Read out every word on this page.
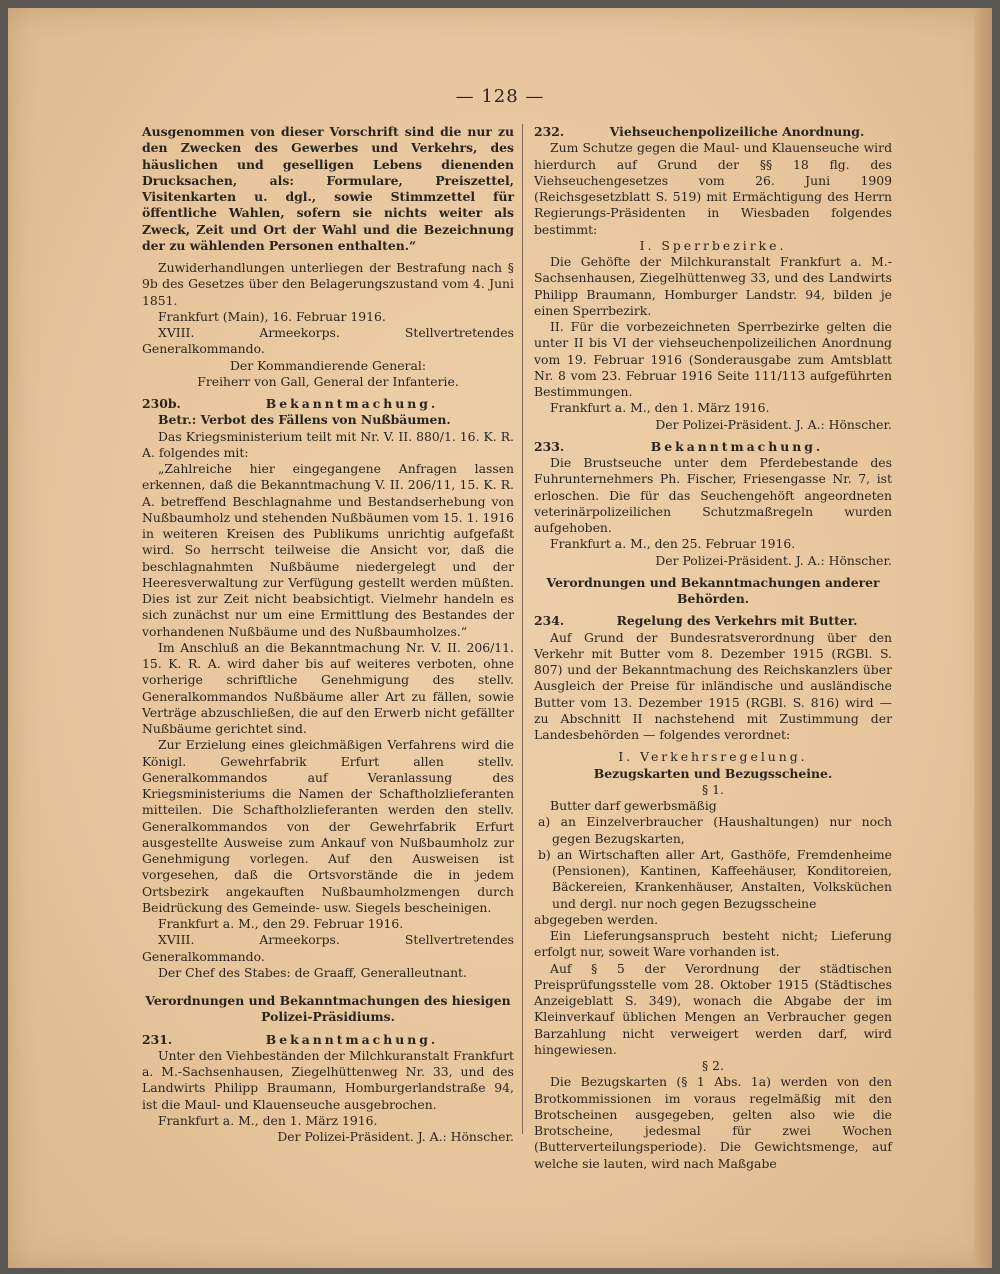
— 128 —

Ausgenommen von dieser Vorschrift sind die nur zu den Zwecken des Gewerbes und Verkehrs, des häuslichen und geselligen Lebens dienenden Drucksachen, als: Formulare, Preiszettel, Visitenkarten u. dgl., sowie Stimmzettel für öffentliche Wahlen, sofern sie nichts weiter als Zweck, Zeit und Ort der Wahl und die Bezeichnung der zu wählenden Personen enthalten.“

Zuwiderhandlungen unterliegen der Bestrafung nach § 9b des Gesetzes über den Belagerungszustand vom 4. Juni 1851.

Frankfurt (Main), 16. Februar 1916.

XVIII. Armeekorps. Stellvertretendes Generalkommando.

Der Kommandierende General:

Freiherr von Gall, General der Infanterie.

230b.	Bekanntmachung.

Betr.: Verbot des Fällens von Nußbäumen.

Das Kriegsministerium teilt mit Nr. V. II. 880/1. 16. K. R. A. folgendes mit:

„Zahlreiche hier eingegangene Anfragen lassen erkennen, daß die Bekanntmachung V. II. 206/11, 15. K. R. A. betreffend Beschlagnahme und Bestandserhebung von Nußbaumholz und stehenden Nußbäumen vom 15. 1. 1916 in weiteren Kreisen des Publikums unrichtig aufgefaßt wird. So herrscht teilweise die Ansicht vor, daß die beschlagnahmten Nußbäume niedergelegt und der Heeresverwaltung zur Verfügung gestellt werden müßten. Dies ist zur Zeit nicht beabsichtigt. Vielmehr handeln es sich zunächst nur um eine Ermittlung des Bestandes der vorhandenen Nußbäume und des Nußbaumholzes.“

Im Anschluß an die Bekanntmachung Nr. V. II. 206/11. 15. K. R. A. wird daher bis auf weiteres verboten, ohne vorherige schriftliche Genehmigung des stellv. Generalkommandos Nußbäume aller Art zu fällen, sowie Verträge abzuschließen, die auf den Erwerb nicht gefällter Nußbäume gerichtet sind.

Zur Erzielung eines gleichmäßigen Verfahrens wird die Königl. Gewehrfabrik Erfurt allen stellv. Generalkommandos auf Veranlassung des Kriegsministeriums die Namen der Schaftholzlieferanten mitteilen. Die Schaftholzlieferanten werden den stellv. Generalkommandos von der Gewehrfabrik Erfurt ausgestellte Ausweise zum Ankauf von Nußbaumholz zur Genehmigung vorlegen. Auf den Ausweisen ist vorgesehen, daß die Ortsvorstände die in jedem Ortsbezirk angekauften Nußbaumholzmengen durch Beidrückung des Gemeinde- usw. Siegels bescheinigen.

Frankfurt a. M., den 29. Februar 1916.

XVIII. Armeekorps. Stellvertretendes Generalkommando.

Der Chef des Stabes: de Graaff, Generalleutnant.

Verordnungen und Bekanntmachungen des hiesigen Polizei-Präsidiums.

231.	Bekanntmachung.

Unter den Viehbeständen der Milchkuranstalt Frankfurt a. M.-Sachsenhausen, Ziegelhüttenweg Nr. 33, und des Landwirts Philipp Braumann, Homburgerlandstraße 94, ist die Maul- und Klauenseuche ausgebrochen.

Frankfurt a. M., den 1. März 1916.

Der Polizei-Präsident. J. A.: Hönscher.

232.	Viehseuchenpolizeiliche Anordnung.

Zum Schutze gegen die Maul- und Klauenseuche wird hierdurch auf Grund der §§ 18 flg. des Viehseuchengesetzes vom 26. Juni 1909 (Reichsgesetzblatt S. 519) mit Ermächtigung des Herrn Regierungs-Präsidenten in Wiesbaden folgendes bestimmt:

I. Sperrbezirke.

Die Gehöfte der Milchkuranstalt Frankfurt a. M.-Sachsenhausen, Ziegelhüttenweg 33, und des Landwirts Philipp Braumann, Homburger Landstr. 94, bilden je einen Sperrbezirk.

II. Für die vorbezeichneten Sperrbezirke gelten die unter II bis VI der viehseuchenpolizeilichen Anordnung vom 19. Februar 1916 (Sonderausgabe zum Amtsblatt Nr. 8 vom 23. Februar 1916 Seite 111/113 aufgeführten Bestimmungen.

Frankfurt a. M., den 1. März 1916.

Der Polizei-Präsident. J. A.: Hönscher.

233.	Bekanntmachung.

Die Brustseuche unter dem Pferdebestande des Fuhrunternehmers Ph. Fischer, Friesengasse Nr. 7, ist erloschen. Die für das Seuchengehöft angeordneten veterinärpolizeilichen Schutzmaßregeln wurden aufgehoben.

Frankfurt a. M., den 25. Februar 1916.

Der Polizei-Präsident. J. A.: Hönscher.

Verordnungen und Bekanntmachungen anderer Behörden.

234.	Regelung des Verkehrs mit Butter.

Auf Grund der Bundesratsverordnung über den Verkehr mit Butter vom 8. Dezember 1915 (RGBl. S. 807) und der Bekanntmachung des Reichskanzlers über Ausgleich der Preise für inländische und ausländische Butter vom 13. Dezember 1915 (RGBl. S. 816) wird — zu Abschnitt II nachstehend mit Zustimmung der Landesbehörden — folgendes verordnet:

I. Verkehrsregelung.

Bezugskarten und Bezugsscheine.

§ 1.

Butter darf gewerbsmäßig

a) an Einzelverbraucher (Haushaltungen) nur noch gegen Bezugskarten,

b) an Wirtschaften aller Art, Gasthöfe, Fremdenheime (Pensionen), Kantinen, Kaffeehäuser, Konditoreien, Bäckereien, Krankenhäuser, Anstalten, Volksküchen und dergl. nur noch gegen Bezugsscheine

abgegeben werden.

Ein Lieferungsanspruch besteht nicht; Lieferung erfolgt nur, soweit Ware vorhanden ist.

Auf § 5 der Verordnung der städtischen Preisprüfungsstelle vom 28. Oktober 1915 (Städtisches Anzeigeblatt S. 349), wonach die Abgabe der im Kleinverkauf üblichen Mengen an Verbraucher gegen Barzahlung nicht verweigert werden darf, wird hingewiesen.

§ 2.

Die Bezugskarten (§ 1 Abs. 1a) werden von den Brotkommissionen im voraus regelmäßig mit den Brotscheinen ausgegeben, gelten also wie die Brotscheine, jedesmal für zwei Wochen (Butterverteilungsperiode). Die Gewichtsmenge, auf welche sie lauten, wird nach Maßgabe
